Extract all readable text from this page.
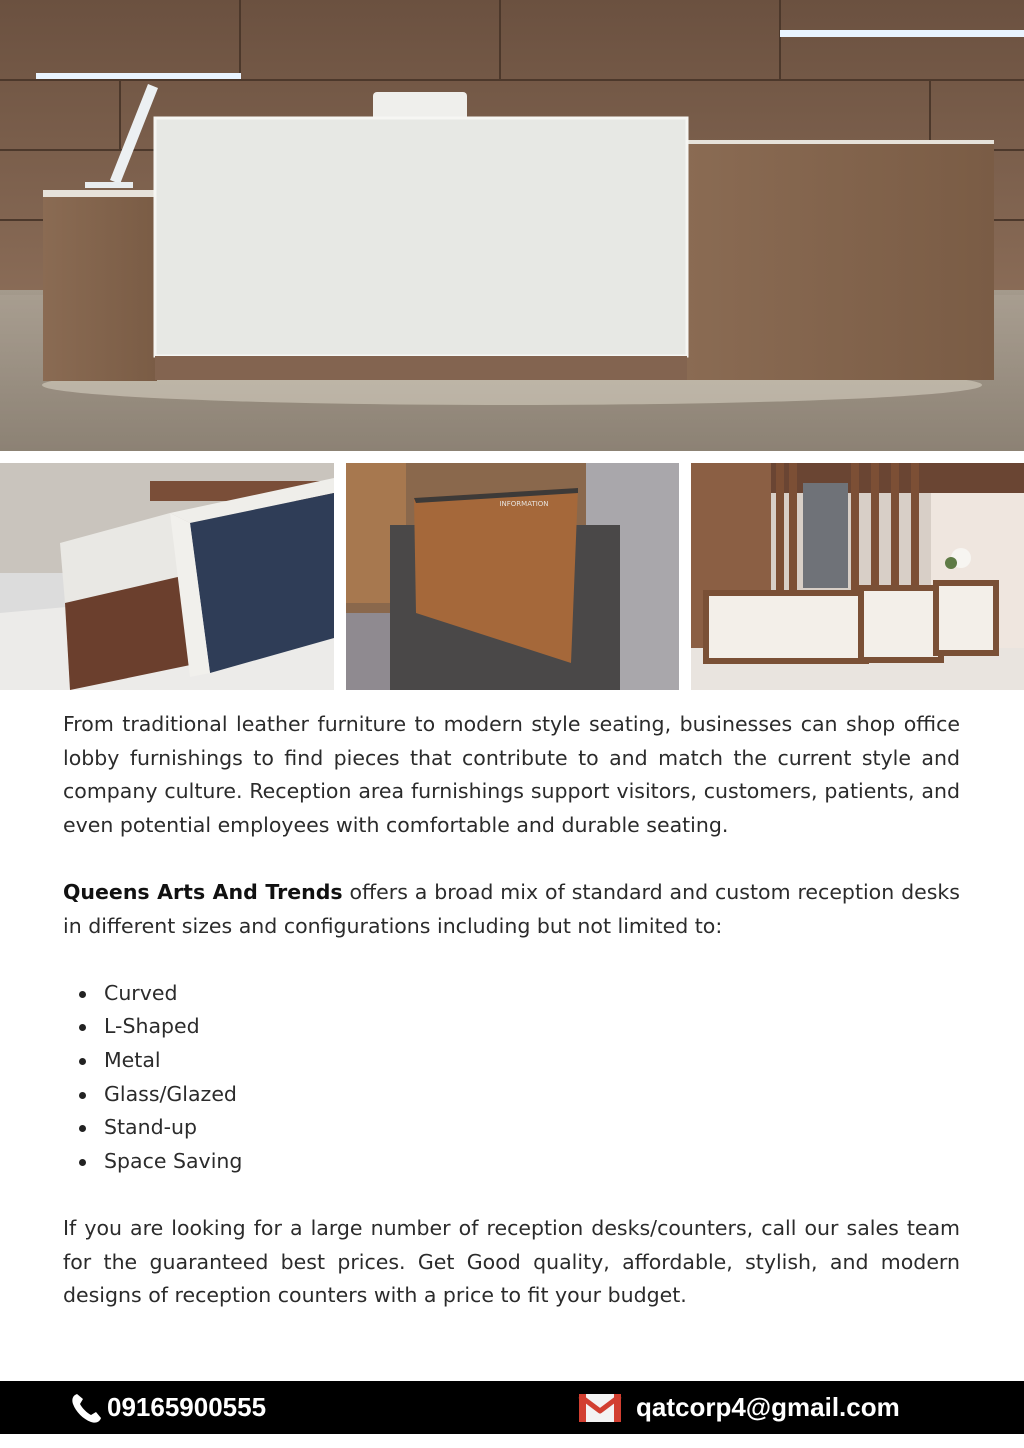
INFORMATION

From traditional leather furniture to modern style seating, businesses can shop office lobby furnishings to find pieces that contribute to and match the current style and company culture. Reception area furnishings support visitors, customers, patients, and even potential employees with comfortable and durable seating.

Queens Arts And Trends offers a broad mix of standard and custom reception desks in different sizes and configurations including but not limited to:

Curved
L-Shaped
Metal
Glass/Glazed
Stand-up
Space Saving

If you are looking for a large number of reception desks/counters, call our sales team for the guaranteed best prices. Get Good quality, affordable, stylish, and modern designs of reception counters with a price to fit your budget.

09165900555	qatcorp4@gmail.com
